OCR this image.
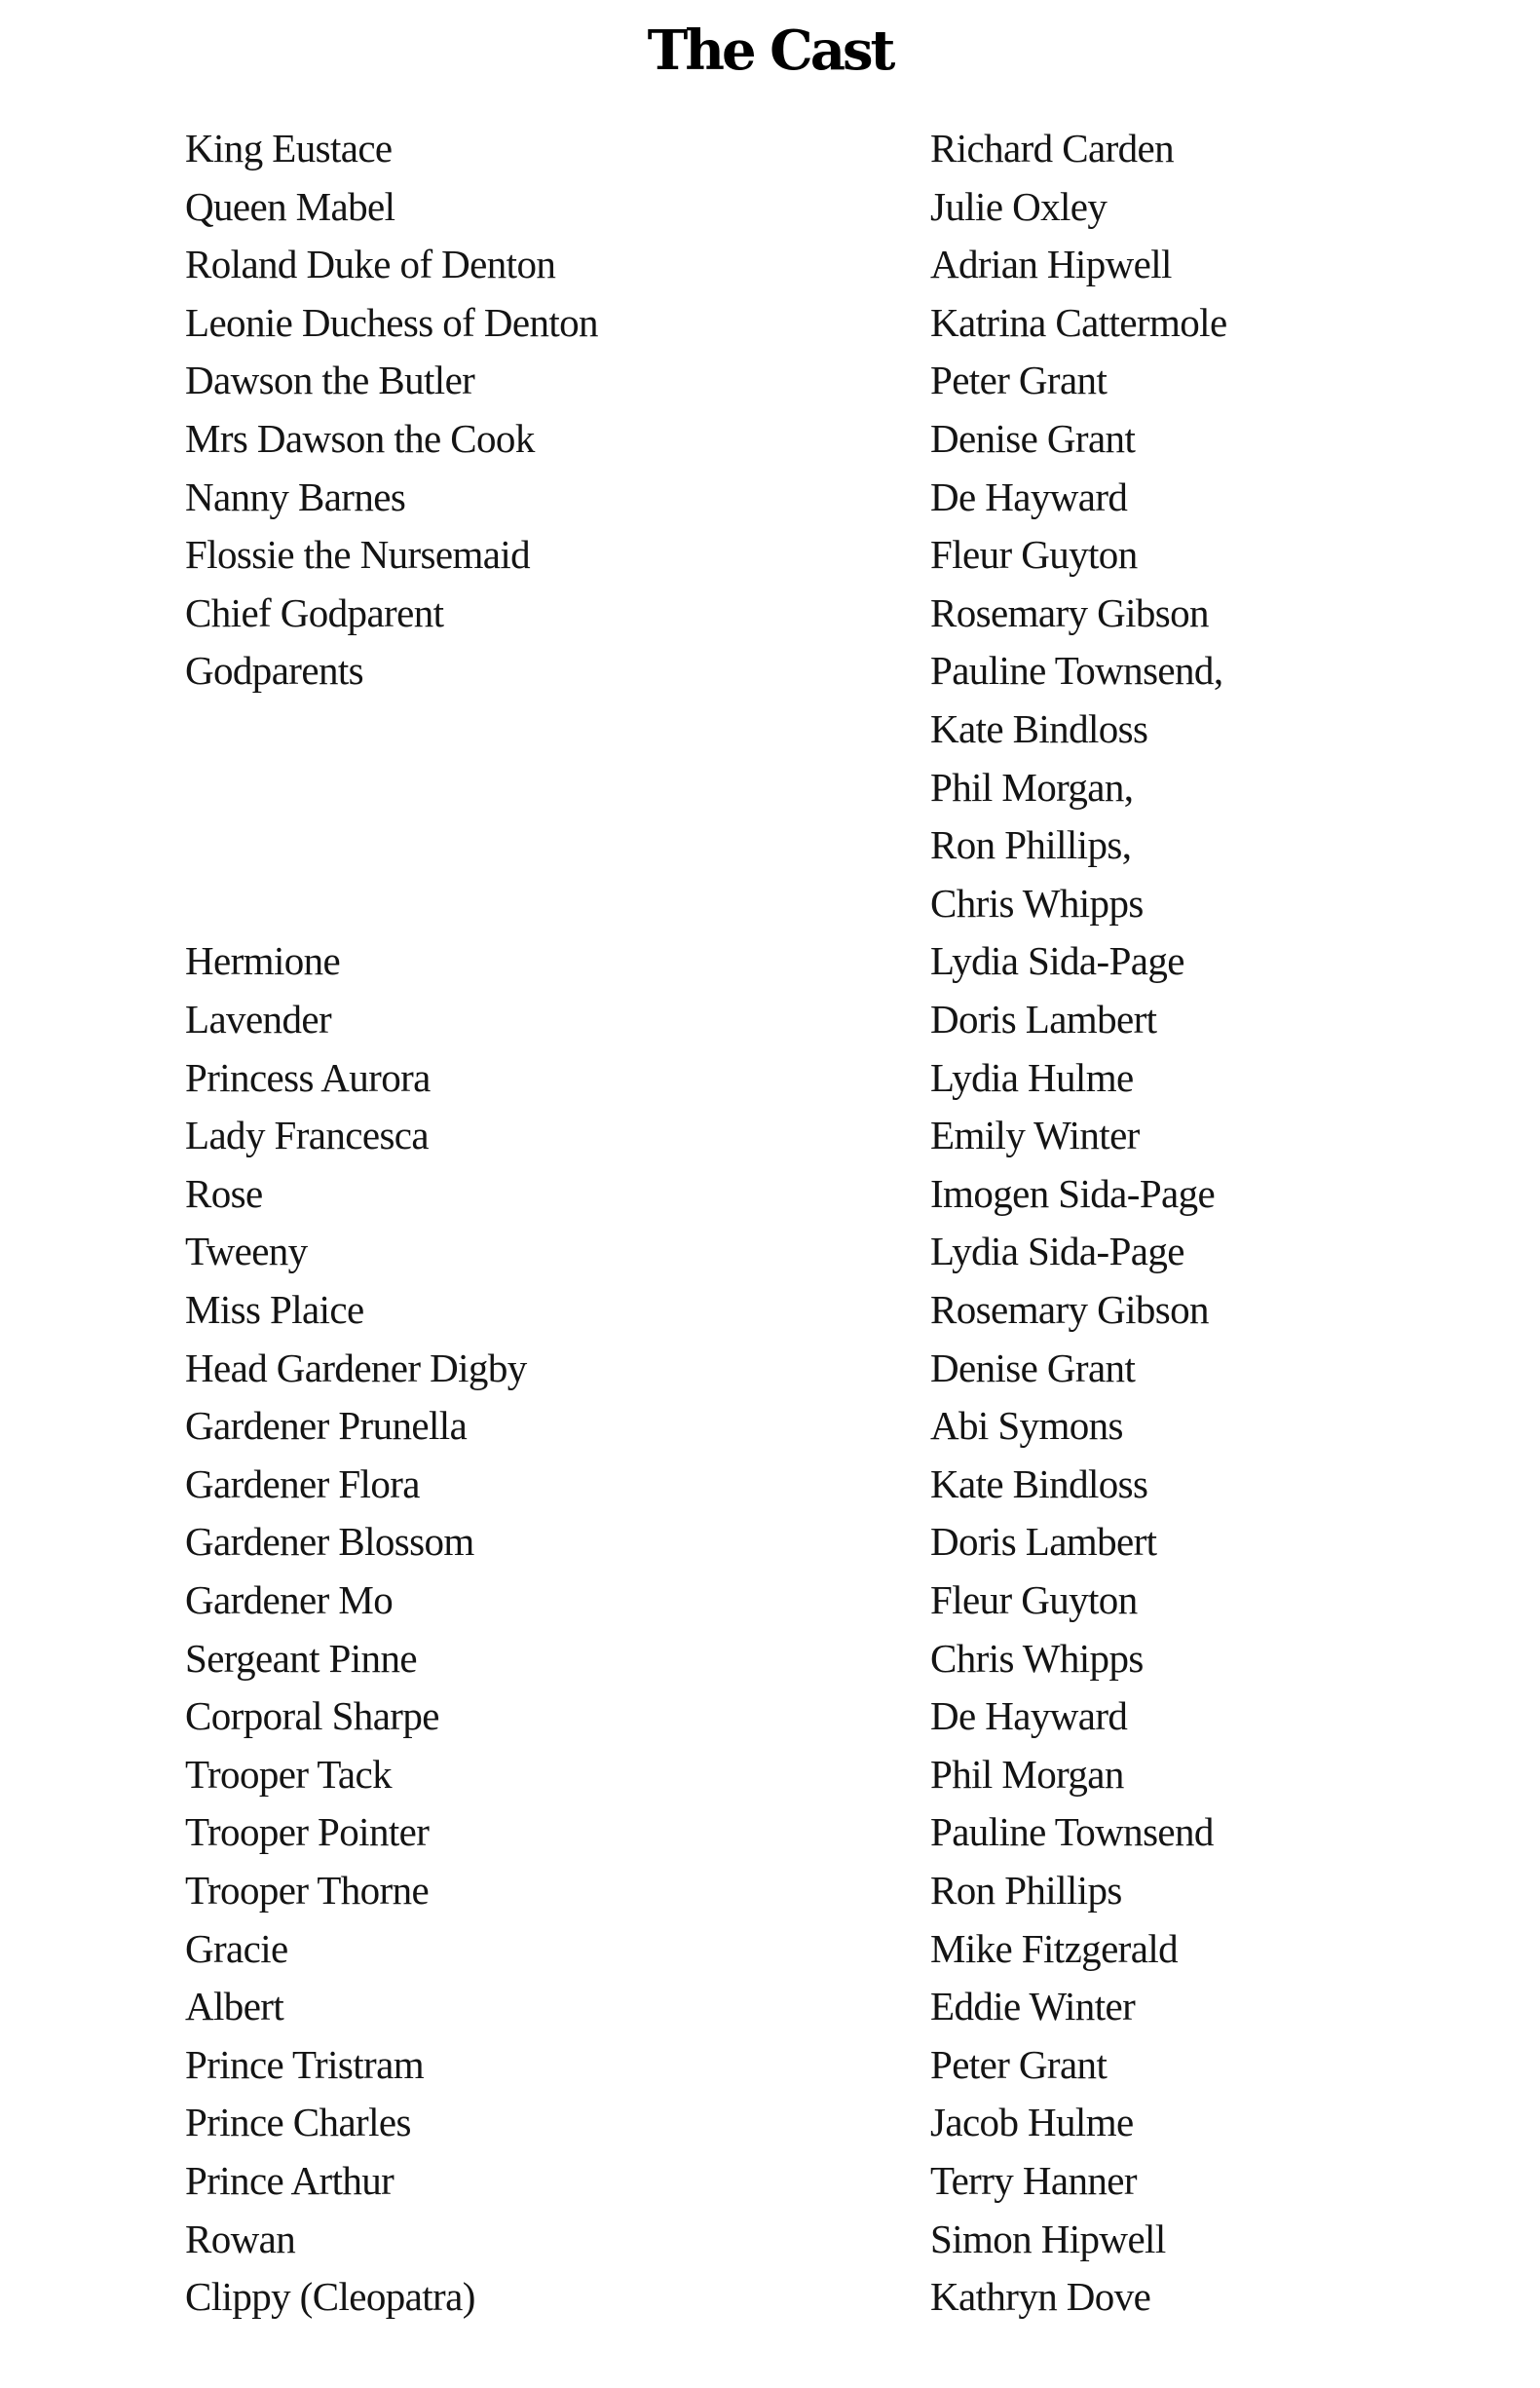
The Cast
King Eustace
Queen Mabel
Roland Duke of Denton
Leonie Duchess of Denton
Dawson the Butler
Mrs Dawson the Cook
Nanny Barnes
Flossie the Nursemaid
Chief Godparent
Godparents
Hermione
Lavender
Princess Aurora
Lady Francesca
Rose
Tweeny
Miss Plaice
Head Gardener Digby
Gardener Prunella
Gardener Flora
Gardener Blossom
Gardener Mo
Sergeant Pinne
Corporal Sharpe
Trooper Tack
Trooper Pointer
Trooper Thorne
Gracie
Albert
Prince Tristram
Prince Charles
Prince Arthur
Rowan
Clippy (Cleopatra)
Richard Carden
Julie Oxley
Adrian Hipwell
Katrina Cattermole
Peter Grant
Denise Grant
De Hayward
Fleur Guyton
Rosemary Gibson
Pauline Townsend,
Kate Bindloss
Phil Morgan,
Ron Phillips,
Chris Whipps
Lydia Sida-Page
Doris Lambert
Lydia Hulme
Emily Winter
Imogen Sida-Page
Lydia Sida-Page
Rosemary Gibson
Denise Grant
Abi Symons
Kate Bindloss
Doris Lambert
Fleur Guyton
Chris Whipps
De Hayward
Phil Morgan
Pauline Townsend
Ron Phillips
Mike Fitzgerald
Eddie Winter
Peter Grant
Jacob Hulme
Terry Hanner
Simon Hipwell
Kathryn Dove
